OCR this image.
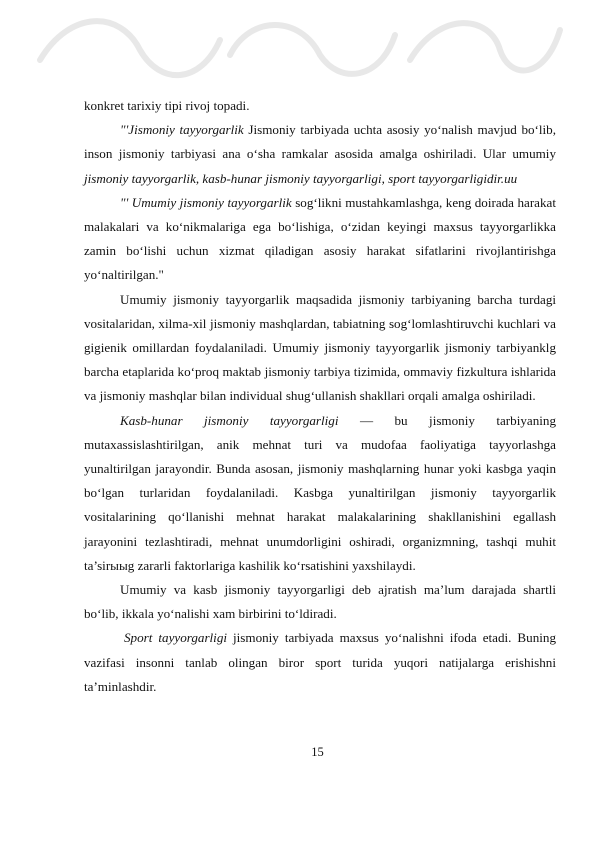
konkret tarixiy tipi rivoj topadi.

"'Jismoniy tayyorgarlik Jismoniy tarbiyada uchta asosiy yo‘nalish mavjud bo‘lib, inson jismoniy tarbiyasi ana o‘sha ramkalar asosida amalga oshiriladi. Ular umumiy jismoniy tayyorgarlik, kasb-hunar jismoniy tayyorgarligi, sport tayyorgarligidir.uu

"' Umumiy jismoniy tayyorgarlik sog‘likni mustahkamlashga, keng doirada harakat malakalari va ko‘nikmalariga ega bo‘lishiga, o‘zidan keyingi maxsus tayyorgarlikka zamin bo‘lishi uchun xizmat qiladigan asosiy harakat sifatlarini rivojlantirishga yo‘naltirilgan."

Umumiy jismoniy tayyorgarlik maqsadida jismoniy tarbiyaning barcha turdagi vositalaridan, xilma-xil jismoniy mashqlardan, tabiatning sog‘lomlashtiruvchi kuchlari va gigienik omillardan foydalaniladi. Umumiy jismoniy tayyorgarlik jismoniy tarbiyanklg barcha etaplarida ko‘proq maktab jismoniy tarbiya tizimida, ommaviy fizkultura ishlarida va jismoniy mashqlar bilan individual shug‘ullanish shakllari orqali amalga oshiriladi.

Kasb-hunar jismoniy tayyorgarligi — bu jismoniy tarbiyaning mutaxassislashtirilgan, anik mehnat turi va mudofaa faoliyatiga tayyorlashga yunaltirilgan jarayondir. Bunda asosan, jismoniy mashqlarning hunar yoki kasbga yaqin bo‘lgan turlaridan foydalaniladi. Kasbga yunaltirilgan jismoniy tayyorgarlik vositalarining qo‘llanishi mehnat harakat malakalarining shakllanishini egallash jarayonini tezlashtiradi, mehnat unumdorligini oshiradi, organizmning, tashqi muhit ta’sirыыg zararli faktorlariga kashilik ko‘rsatishini yaxshilaydi.

Umumiy va kasb jismoniy tayyorgarligi deb ajratish ma’lum darajada shartli bo‘lib, ikkala yo‘nalishi xam birbirini to‘ldiradi.

Sport tayyorgarligi jismoniy tarbiyada maxsus yo‘nalishni ifoda etadi. Buning vazifasi insonni tanlab olingan biror sport turida yuqori natijalarga erishishni ta’minlashdir.

15
